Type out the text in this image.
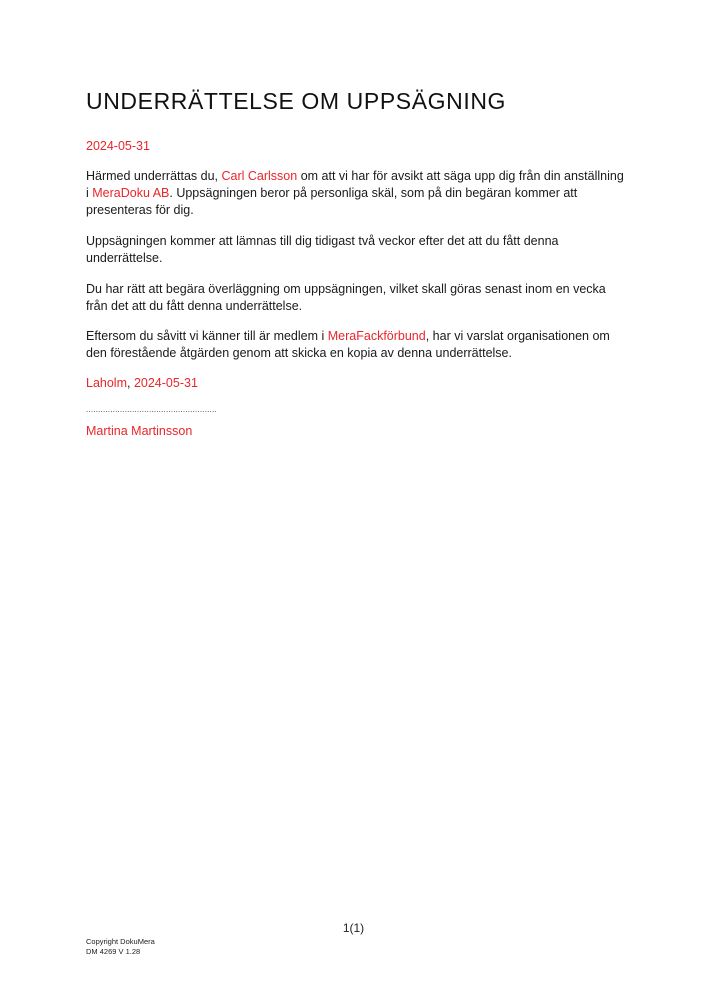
UNDERRÄTTELSE OM UPPSÄGNING
2024-05-31

Härmed underrättas du, Carl Carlsson om att vi har för avsikt att säga upp dig från din anställning i MeraDoku AB. Uppsägningen beror på personliga skäl, som på din begäran kommer att presenteras för dig.

Uppsägningen kommer att lämnas till dig tidigast två veckor efter det att du fått denna underrättelse.

Du har rätt att begära överläggning om uppsägningen, vilket skall göras senast inom en vecka från det att du fått denna underrättelse.

Eftersom du såvitt vi känner till är medlem i MeraFackförbund, har vi varslat organisationen om den förestående åtgärden genom att skicka en kopia av denna underrättelse.

Laholm, 2024-05-31
......................................................
Martina Martinsson
1(1)
Copyright DokuMera
DM 4269 V 1.28
